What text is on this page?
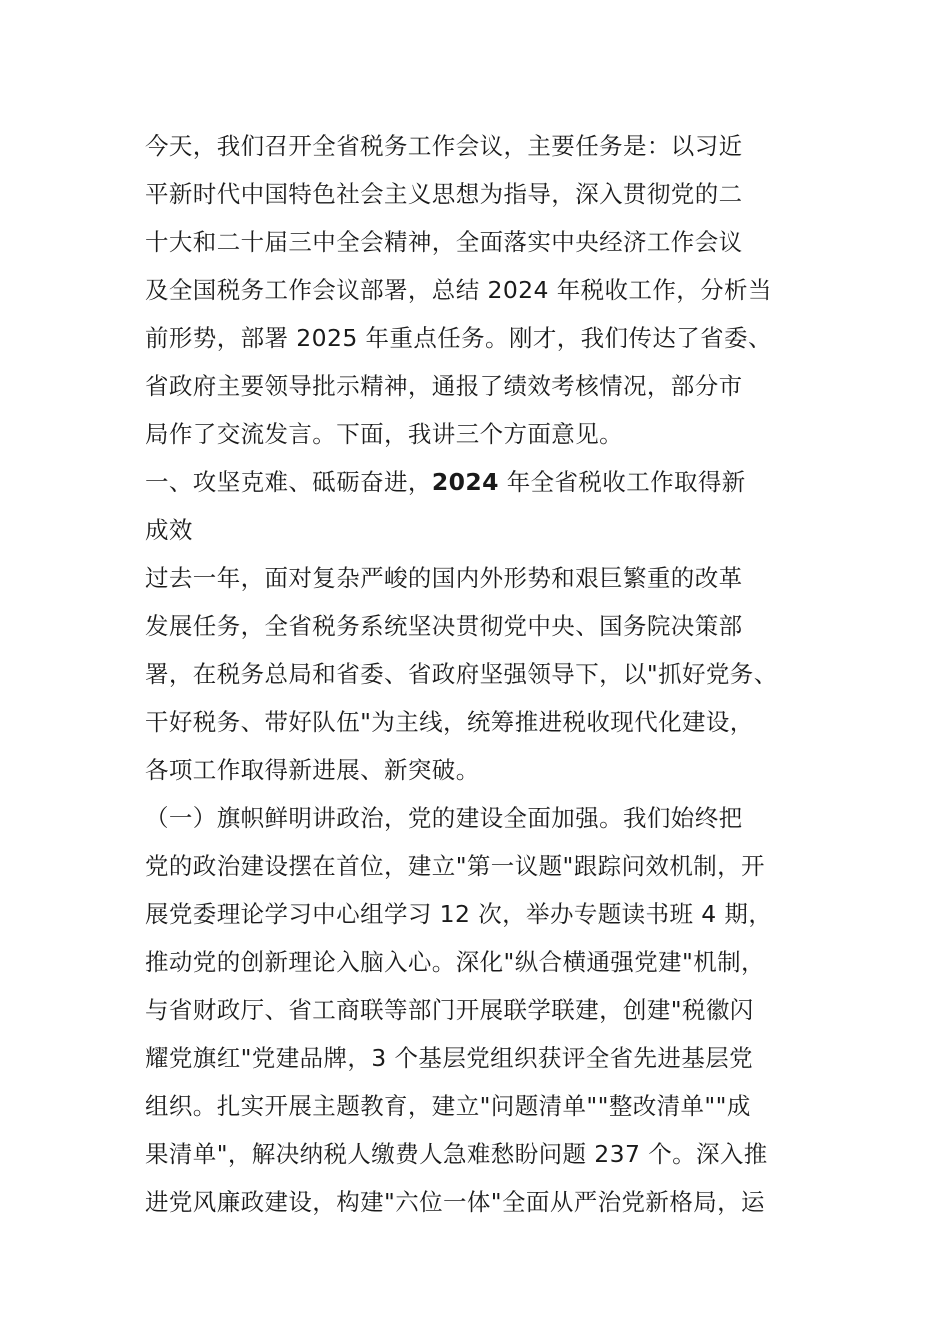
今天，我们召开全省税务工作会议，主要任务是：以习近
平新时代中国特色社会主义思想为指导，深入贯彻党的二
十大和二十届三中全会精神，全面落实中央经济工作会议
及全国税务工作会议部署，总结 2024 年税收工作，分析当
前形势，部署 2025 年重点任务。刚才，我们传达了省委、
省政府主要领导批示精神，通报了绩效考核情况，部分市
局作了交流发言。下面，我讲三个方面意见。
一、攻坚克难、砥砺奋进，2024 年全省税收工作取得新
成效
过去一年，面对复杂严峻的国内外形势和艰巨繁重的改革
发展任务，全省税务系统坚决贯彻党中央、国务院决策部
署，在税务总局和省委、省政府坚强领导下，以"抓好党务、
干好税务、带好队伍"为主线，统筹推进税收现代化建设，
各项工作取得新进展、新突破。
（一）旗帜鲜明讲政治，党的建设全面加强。我们始终把
党的政治建设摆在首位，建立"第一议题"跟踪问效机制，开
展党委理论学习中心组学习 12 次，举办专题读书班 4 期，
推动党的创新理论入脑入心。深化"纵合横通强党建"机制，
与省财政厅、省工商联等部门开展联学联建，创建"税徽闪
耀党旗红"党建品牌，3 个基层党组织获评全省先进基层党
组织。扎实开展主题教育，建立"问题清单""整改清单""成
果清单"，解决纳税人缴费人急难愁盼问题 237 个。深入推
进党风廉政建设，构建"六位一体"全面从严治党新格局，运
